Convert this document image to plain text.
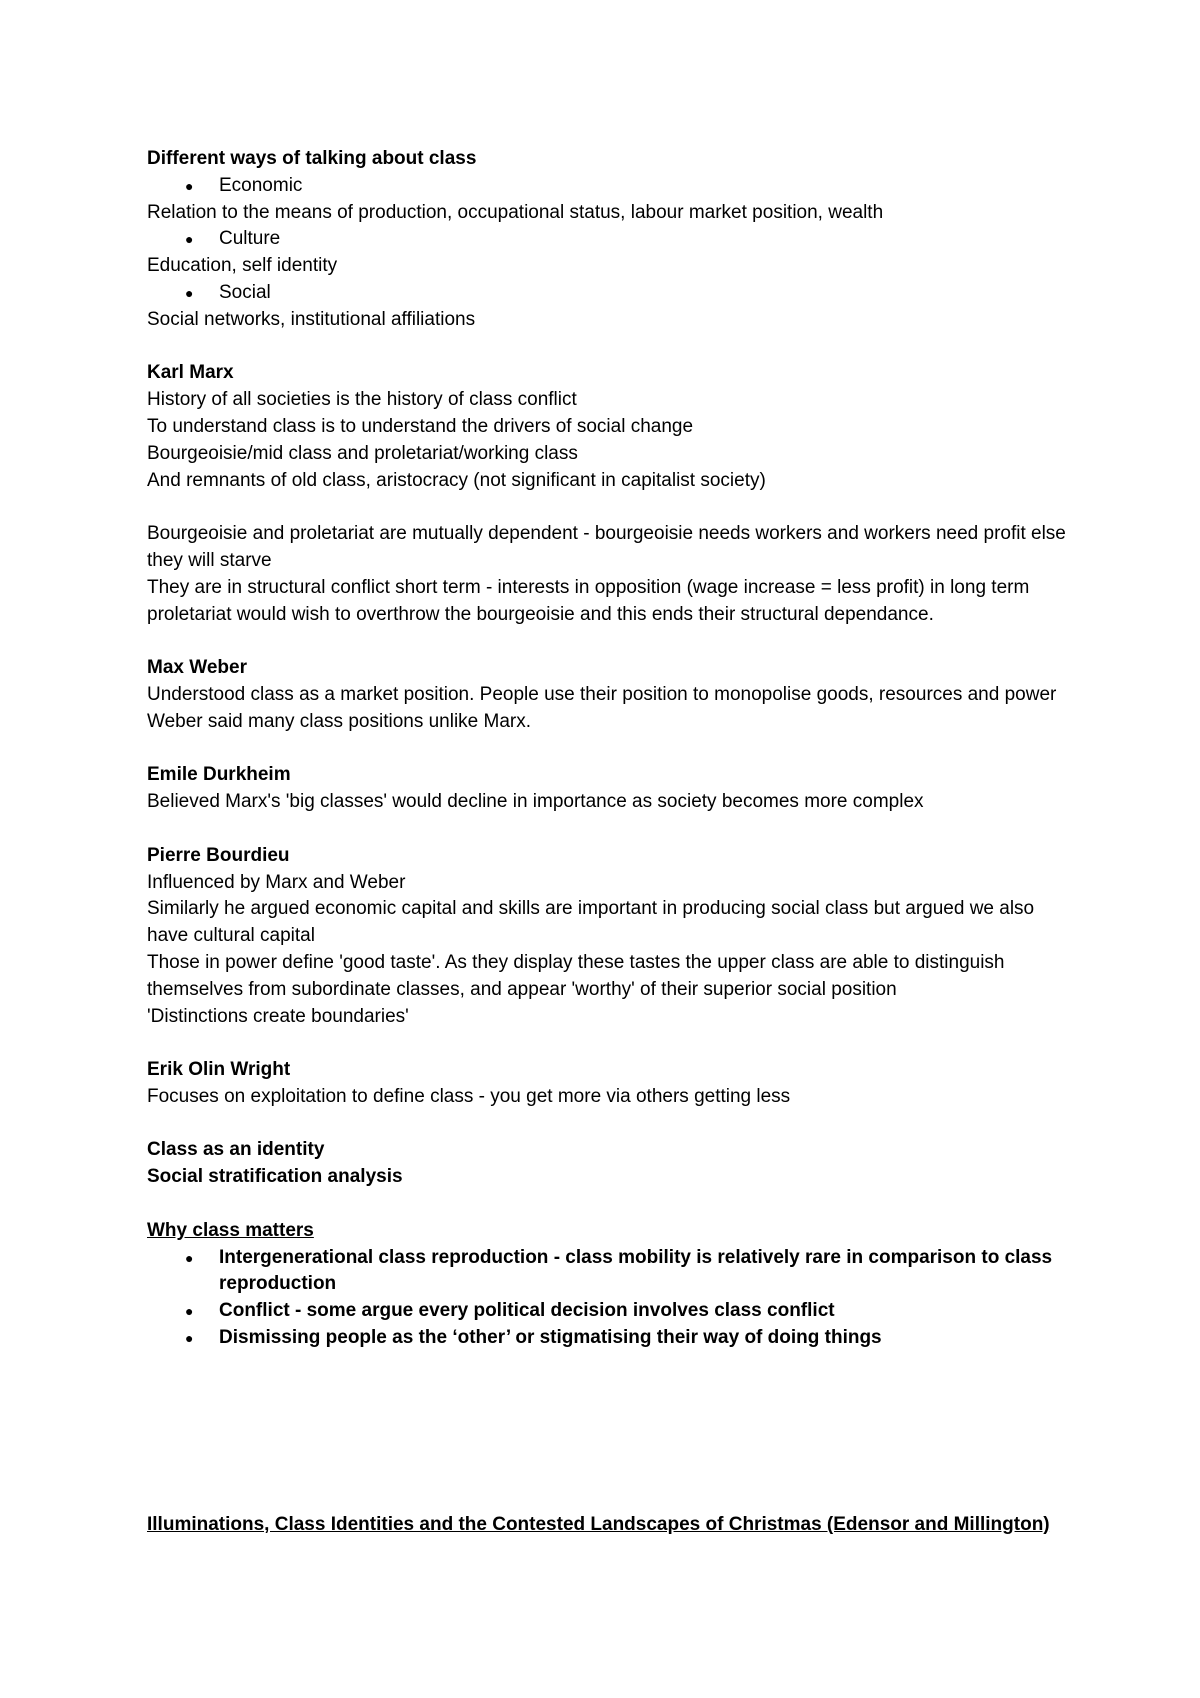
Different ways of talking about class
●	Economic
Relation to the means of production, occupational status, labour market position, wealth
●	Culture
Education, self identity
●	Social
Social networks, institutional affiliations
Karl Marx
History of all societies is the history of class conflict
To understand class is to understand the drivers of social change
Bourgeoisie/mid class and proletariat/working class
And remnants of old class, aristocracy (not significant in capitalist society)
Bourgeoisie and proletariat are mutually dependent - bourgeoisie needs workers and workers need profit else they will starve
They are in structural conflict short term - interests in opposition (wage increase = less profit) in long term proletariat would wish to overthrow the bourgeoisie and this ends their structural dependance.
Max Weber
Understood class as a market position. People use their position to monopolise goods, resources and power
Weber said many class positions unlike Marx.
Emile Durkheim
Believed Marx's 'big classes' would decline in importance as society becomes more complex
Pierre Bourdieu
Influenced by Marx and Weber
Similarly he argued economic capital and skills are important in producing social class but argued we also have cultural capital
Those in power define 'good taste'. As they display these tastes the upper class are able to distinguish themselves from subordinate classes, and appear 'worthy' of their superior social position
'Distinctions create boundaries'
Erik Olin Wright
Focuses on exploitation to define class - you get more via others getting less
Class as an identity
Social stratification analysis
Why class matters
●	Intergenerational class reproduction - class mobility is relatively rare in comparison to class reproduction
●	Conflict - some argue every political decision involves class conflict
●	Dismissing people as the ‘other’ or stigmatising their way of doing things
Illuminations, Class Identities and the Contested Landscapes of Christmas (Edensor and Millington)
